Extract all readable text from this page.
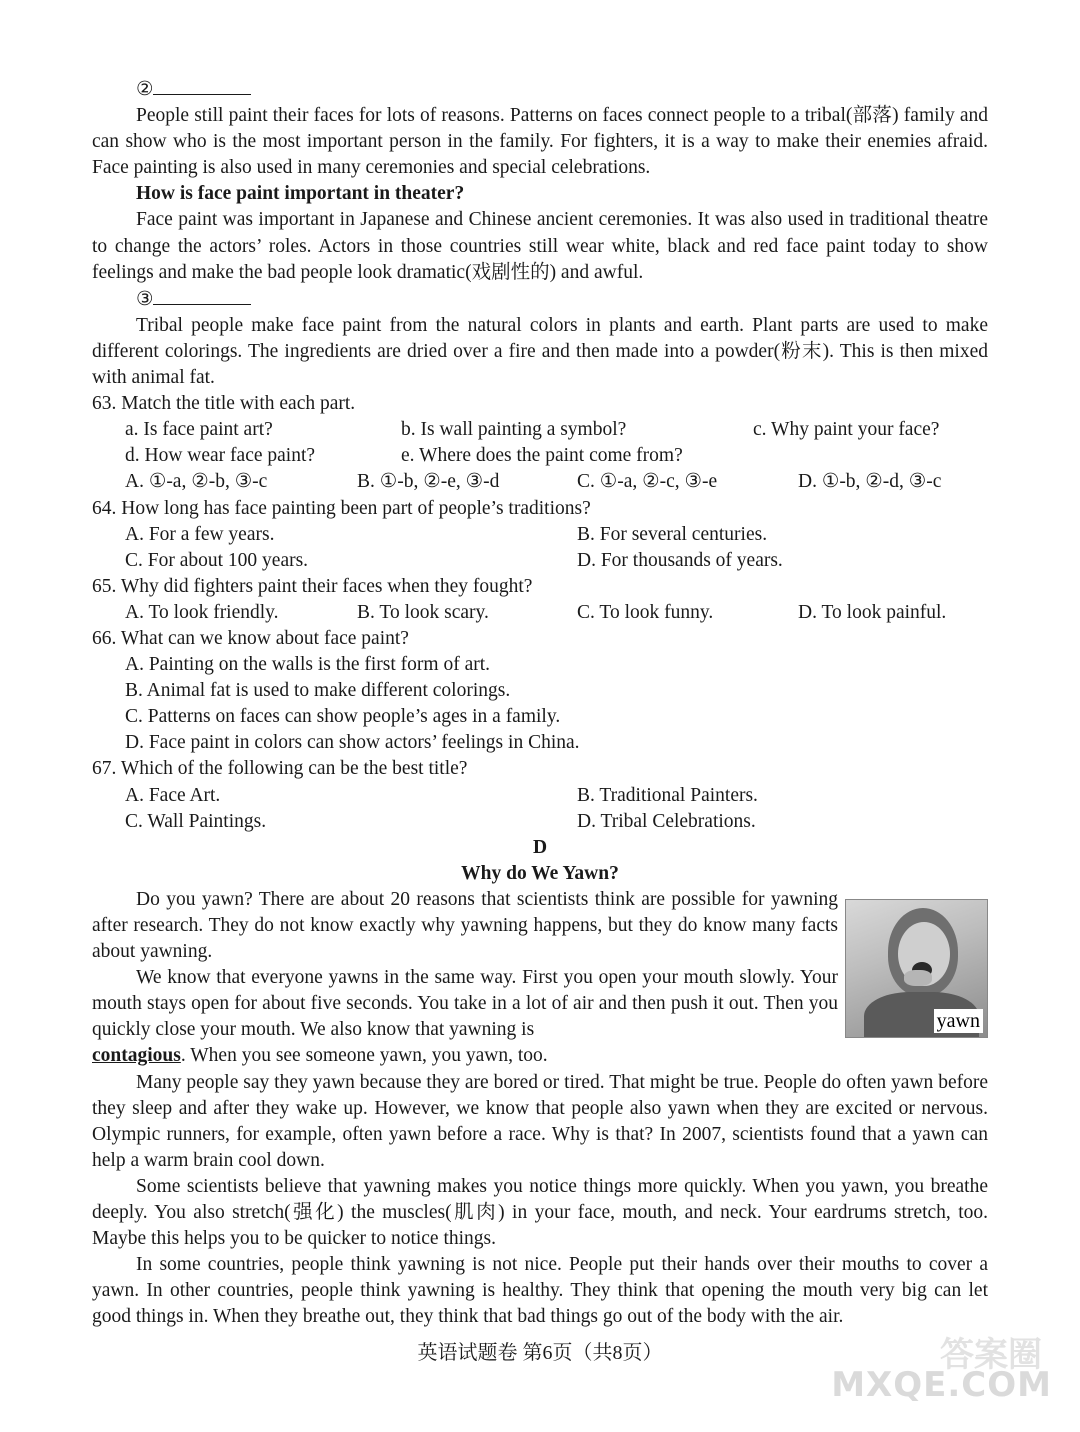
②

People still paint their faces for lots of reasons. Patterns on faces connect people to a tribal(部落) family and can show who is the most important person in the family. For fighters, it is a way to make their enemies afraid. Face painting is also used in many ceremonies and special celebrations.

How is face paint important in theater?

Face paint was important in Japanese and Chinese ancient ceremonies. It was also used in traditional theatre to change the actors’ roles. Actors in those countries still wear white, black and red face paint today to show feelings and make the bad people look dramatic(戏剧性的) and awful.

③

Tribal people make face paint from the natural colors in plants and earth. Plant parts are used to make different colorings. The ingredients are dried over a fire and then made into a powder(粉末). This is then mixed with animal fat.

63. Match the title with each part.

a. Is face paint art?	b. Is wall painting a symbol?	c. Why paint your face?
d. How wear face paint?	e. Where does the paint come from?
A. ①-a, ②-b, ③-c	B. ①-b, ②-e, ③-d	C. ①-a, ②-c, ③-e	D. ①-b, ②-d, ③-c

64. How long has face painting been part of people’s traditions?

A. For a few years.	B. For several centuries.
C. For about 100 years.	D. For thousands of years.

65. Why did fighters paint their faces when they fought?

A. To look friendly.	B. To look scary.	C. To look funny.	D. To look painful.

66. What can we know about face paint?

A. Painting on the walls is the first form of art.

B. Animal fat is used to make different colorings.

C. Patterns on faces can show people’s ages in a family.

D. Face paint in colors can show actors’ feelings in China.

67. Which of the following can be the best title?

A. Face Art.	B. Traditional Painters.
C. Wall Paintings.	D. Tribal Celebrations.

D

Why do We Yawn?

Do you yawn? There are about 20 reasons that scientists think are possible for yawning after research. They do not know exactly why yawning happens, but they do know many facts about yawning.

We know that everyone yawns in the same way. First you open your mouth slowly. Your mouth stays open for about five seconds. You take in a lot of air and then push it out. Then you quickly close your mouth. We also know that yawning is

contagious. When you see someone yawn, you yawn, too.

Many people say they yawn because they are bored or tired. That might be true. People do often yawn before they sleep and after they wake up. However, we know that people also yawn when they are excited or nervous. Olympic runners, for example, often yawn before a race. Why is that? In 2007, scientists found that a yawn can help a warm brain cool down.

Some scientists believe that yawning makes you notice things more quickly. When you yawn, you breathe deeply. You also stretch(强化) the muscles(肌肉) in your face, mouth, and neck. Your eardrums stretch, too. Maybe this helps you to be quicker to notice things.

In some countries, people think yawning is not nice. People put their hands over their mouths to cover a yawn. In other countries, people think yawning is healthy. They think that opening the mouth very big can let good things in. When they breathe out, they think that bad things go out of the body with the air.

yawn
英语试题卷 第6页（共8页）	答案圈
MXQE.COM
